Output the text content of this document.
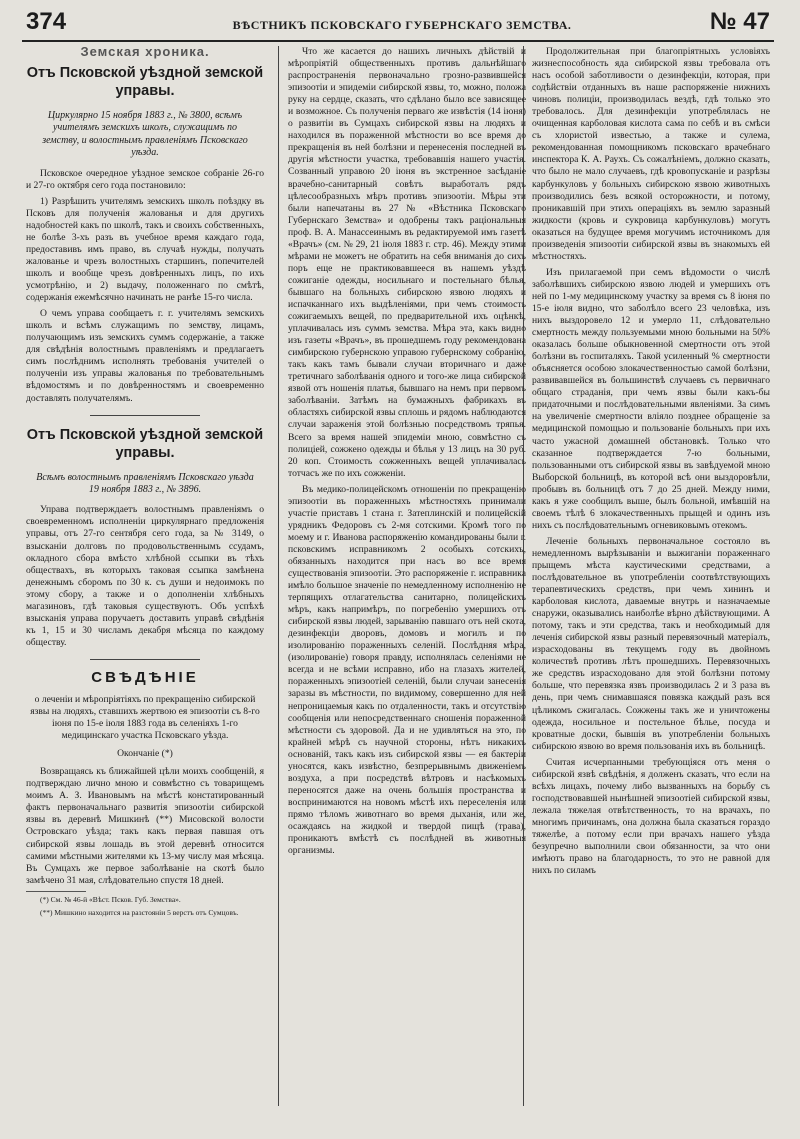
374	ВѢСТНИКЪ ПСКОВСКАГО ГУБЕРНСКАГО ЗЕМСТВА.	№ 47
Земская хроника.
Отъ Псковской уѣздной земской управы.

Циркулярно 15 ноября 1883 г., № 3800, всѣмъ учителямъ земскихъ школъ, служащимъ по земству, и волостнымъ правленіямъ Псковскаго уѣзда.

Псковское очередное уѣздное земское собраніе 26-го и 27-го октября сего года постановило:

1) Разрѣшить учителямъ земскихъ школъ поѣздку въ Псковъ для полученія жалованья и для другихъ надобностей какъ по школѣ, такъ и своихъ собственныхъ, не болѣе 3-хъ разъ въ учебное время каждаго года, предоставивъ имъ право, въ случаѣ нужды, получать жалованье и чрезъ волостныхъ старшинъ, попечителей школъ и вообще чрезъ довѣренныхъ лицъ, по ихъ усмотрѣнію, и 2) выдачу, положеннаго по смѣтѣ, содержанія ежемѣсячно начинать не ранѣе 15-го числа.

О чемъ управа сообщаетъ г. г. учителямъ земскихъ школъ и всѣмъ служащимъ по земству, лицамъ, получающимъ изъ земскихъ суммъ содержаніе, а также для свѣдѣнія волостнымъ правленіямъ и предлагаетъ симъ послѣднимъ исполнять требованія учителей о полученіи изъ управы жалованья по требовательнымъ вѣдомостямъ и по довѣренностямъ и своевременно доставлять получателямъ.

Отъ Псковской уѣздной земской управы.

Всѣмъ волостнымъ правленіямъ Псковскаго уѣзда 19 ноября 1883 г., № 3896.

Управа подтверждаетъ волостнымъ правленіямъ о своевременномъ исполненіи циркулярнаго предложенія управы, отъ 27-го сентября сего года, за № 3149, о взысканіи долговъ по продовольственнымъ ссудамъ, окладного сбора вмѣсто хлѣбной ссыпки въ тѣхъ обществахъ, въ которыхъ таковая ссыпка замѣнена денежнымъ сборомъ по 30 к. съ души и недоимокъ по этому сбору, а также и о дополненіи хлѣбныхъ магазиновъ, гдѣ таковыя существуютъ. Объ успѣхѣ взысканія управа поручаетъ доставить управѣ свѣдѣнія къ 1, 15 и 30 числамъ декабря мѣсяца по каждому обществу.

СВѢДѢНІЕ

о леченіи и мѣропріятіяхъ по прекращенію сибирской язвы на людяхъ, ставшихъ жертвою ея эпизоотіи съ 8-го іюня по 15-е іюля 1883 года въ селеніяхъ 1-го медицинскаго участка Псковскаго уѣзда.

Окончаніе (*)

Возвращаясь къ ближайшей цѣли моихъ сообщеній, я подтверждаю лично мною и совмѣстно съ товарищемъ моимъ А. З. Ивановымъ на мѣстѣ констатированный фактъ первоначальнаго развитія эпизоотіи сибирской язвы въ деревнѣ Мишкинѣ (**) Мисовской волости Островскаго уѣзда; такъ какъ первая павшая отъ сибирской язвы лошадь въ этой деревнѣ относится самими мѣстными жителями къ 13-му числу мая мѣсяца. Въ Сумцахъ же первое заболѣваніе на скотѣ было замѣчено 31 мая, слѣдовательно спустя 18 дней.

(*) См. № 46-й «Вѣст. Псков. Губ. Земства».

(**) Мишкино находится на разстояніи 5 верстъ отъ Сумцовъ.

Что же касается до нашихъ личныхъ дѣйствій и мѣропріятій общественныхъ противъ дальнѣйшаго распространенія первоначально грозно-развившейся эпизоотіи и эпидеміи сибирской язвы, то, можно, положа руку на сердце, сказать, что сдѣлано было все зависящее и возможное. Съ полученія перваго же извѣстія (14 іюня) о развитіи въ Сумцахъ сибирской язвы на людяхъ и находился въ пораженной мѣстности во все время до прекращенія въ ней болѣзни и перенесенія последней въ другія мѣстности участка, требовавшія нашего участія. Созванный управою 20 іюня въ экстренное засѣданіе врачебно-санитарный совѣтъ выработалъ рядъ цѣлесообразныхъ мѣръ противъ эпизоотіи. Мѣры эти были напечатаны въ 27 № «Вѣстника Псковскаго Губернскаго Земства» и одобрены такъ раціональныя проф. В. А. Манассеинымъ въ редактируемой имъ газетѣ «Врачъ» (см. № 29, 21 іюля 1883 г. стр. 46). Между этими мѣрами не можетъ не обратить на себя вниманія до сихъ поръ еще не практиковавшееся въ нашемъ уѣздѣ сожиганіе одежды, носильнаго и постельнаго бѣлья, бывшаго на больныхъ сибирскою язвою людяхъ и испачканнаго ихъ выдѣленіями, при чемъ стоимость сожигаемыхъ вещей, по предварительной ихъ оцѣнкѣ, уплачивалась изъ суммъ земства. Мѣра эта, какъ видно изъ газеты «Врачъ», въ прошедшемъ году рекомендована симбирскою губернскою управою губернскому собранію, такъ какъ тамъ бывали случаи вторичнаго и даже третичнаго заболѣванія одного и того-же лица сибирской язвой отъ ношенія платья, бывшаго на немъ при первомъ заболѣваніи. Затѣмъ на бумажныхъ фабрикахъ въ областяхъ сибирской язвы сплошь и рядомъ наблюдаются случаи зараженія этой болѣзнью посредствомъ тряпья. Всего за время нашей эпидеміи мною, совмѣстно съ полиціей, сожжено одежды и бѣлья у 13 лицъ на 30 руб. 20 коп. Стоимость сожженныхъ вещей уплачивалась тотчасъ же по ихъ сожженіи.

Въ медико-полицейскомъ отношеніи по прекращенію эпизоотіи въ пораженныхъ мѣстностяхъ принимали участіе приставъ 1 стана г. Затеплинскій и полицейскій урядникъ Федоровъ съ 2-мя сотскими. Кромѣ того по моему и г. Иванова распоряженію командированы были г. псковскимъ исправникомъ 2 особыхъ сотскихъ, обязанныхъ находится при насъ во все время существованія эпизоотіи. Это распоряженіе г. исправника имѣло большое значеніе по немедленному исполненію не терпящихъ отлагательства санитарно, полицейскихъ мѣръ, какъ напримѣръ, по погребенію умершихъ отъ сибирской язвы людей, зарыванію павшаго отъ ней скота, дезинфекціи дворовъ, домовъ и могилъ и по изолированію пораженныхъ селеній. Послѣдняя мѣра, (изолированіе) говоря правду, исполнялась селеніями не всегда и не всѣми исправно, ибо на глазахъ жителей, пораженныхъ эпизоотіей селеній, были случаи занесенія заразы въ мѣстности, по видимому, совершенно для ней непроницаемыя какъ по отдаленности, такъ и отсутствію сообщенія или непосредственнаго сношенія пораженной мѣстности съ здоровой. Да и не удивляться на это, по крайней мѣрѣ съ научной стороны, нѣтъ никакихъ основаній, такъ какъ изъ сибирской язвы — ея бактеріи уносятся, какъ извѣстно, безпрерывнымъ движеніемъ воздуха, а при посредствѣ вѣтровъ и насѣкомыхъ переносятся даже на очень большія пространства и воспринимаются на новомъ мѣстѣ ихъ переселенія или прямо тѣломъ животнаго во время дыханія, или же, осаждаясь на жидкой и твердой пищѣ (трава), проникаютъ вмѣстѣ съ послѣдней въ животныя организмы.

Продолжительная при благопріятныхъ условіяхъ жизнеспособность яда сибирской язвы требовала отъ насъ особой заботливости о дезинфекціи, которая, при содѣйствіи отданныхъ въ наше распоряженіе нижнихъ чиновъ полиціи, производилась вездѣ, гдѣ только это требовалось. Для дезинфекціи употреблялась не очищенная карболовая кислота сама по себѣ и въ смѣси съ хлористой известью, а также и сулема, рекомендованная помощникомъ псковскаго врачебнаго инспектора К. А. Раухъ. Съ сожалѣніемъ, должно сказать, что было не мало случаевъ, гдѣ кровопусканіе и разрѣзы карбункуловъ у больныхъ сибирскою язвою животныхъ производились безъ всякой осторожности, и потому, проникавшій при этихъ операціяхъ въ землю заразный жидкости (кровь и сукровица карбункуловъ) могутъ оказаться на будущее время могучимъ источникомъ для произведенія эпизоотіи сибирской язвы въ знакомыхъ ей мѣстностяхъ.

Изъ прилагаемой при семъ вѣдомости о числѣ заболѣвшихъ сибирскою язвою людей и умершихъ отъ ней по 1-му медицинскому участку за время съ 8 іюня по 15-е іюля видно, что заболѣло всего 23 человѣка, изъ нихъ выздоровело 12 и умерло 11, слѣдовательно смертность между пользуемыми мною больными на 50% оказалась больше обыкновенной смертности отъ этой болѣзни въ госпиталяхъ. Такой усиленный % смертности объясняется особою злокачественностью самой болѣзни, развивавшейся въ большинствѣ случаевъ съ первичнаго общаго страданія, при чемъ язвы были какъ-бы придаточными и послѣдовательными явленіями. За симъ на увеличеніе смертности вліяло позднее обращеніе за медицинской помощью и пользованіе больныхъ при ихъ часто ужасной домашней обстановкѣ. Только что сказанное подтверждается 7-ю больными, пользованными отъ сибирской язвы въ завѣдуемой мною Выборской больницѣ, въ которой всѣ они выздоровѣли, пробывъ въ больницѣ отъ 7 до 25 дней. Между ними, какъ я уже сообщилъ выше, былъ больной, имѣвшій на своемъ тѣлѣ 6 злокачественныхъ прыщей и одинъ изъ нихъ съ послѣдовательнымъ огневиковымъ отекомъ.

Леченіе больныхъ первоначальное состояло въ немедленномъ вырѣзываніи и выжиганіи пораженнаго прыщемъ мѣста каустическими средствами, а послѣдовательное въ употребленіи соотвѣтствующихъ терапевтическихъ средствъ, при чемъ хининъ и карболовая кислота, даваемые внутрь и назначаемые снаружи, оказывались наиболѣе вѣрно дѣйствующими. А потому, такъ и эти средства, такъ и необходимый для леченія сибирской язвы разный перевязочный матеріалъ, израсходованы въ текущемъ году въ двойномъ количествѣ противъ лѣтъ прошедшихъ. Перевязочныхъ же средствъ израсходовано для этой болѣзни потому больше, что перевязка язвъ производилась 2 и 3 раза въ день, при чемъ снимавшаяся повязка каждый разъ вся цѣликомъ сжигалась. Сожжены такъ же и уничтожены одежда, носильное и постельное бѣлье, посуда и кроватные доски, бывшія въ употребленіи больныхъ сибирскою язвою во время пользованія ихъ въ больницѣ.

Считая исчерпанными требующіяся отъ меня о сибирской язвѣ свѣдѣнія, я долженъ сказать, что если на всѣхъ лицахъ, почему либо вызванныхъ на борьбу съ господствовавшей нынѣшней эпизоотіей сибирской язвы, лежала тяжелая отвѣтственность, то на врачахъ, по многимъ причинамъ, она должна была сказаться гораздо тяжелѣе, а потому если при врачахъ нашего уѣзда безупречно выполнили свои обязанности, за что они имѣютъ право на благодарность, то это не равной для нихъ по силамъ
